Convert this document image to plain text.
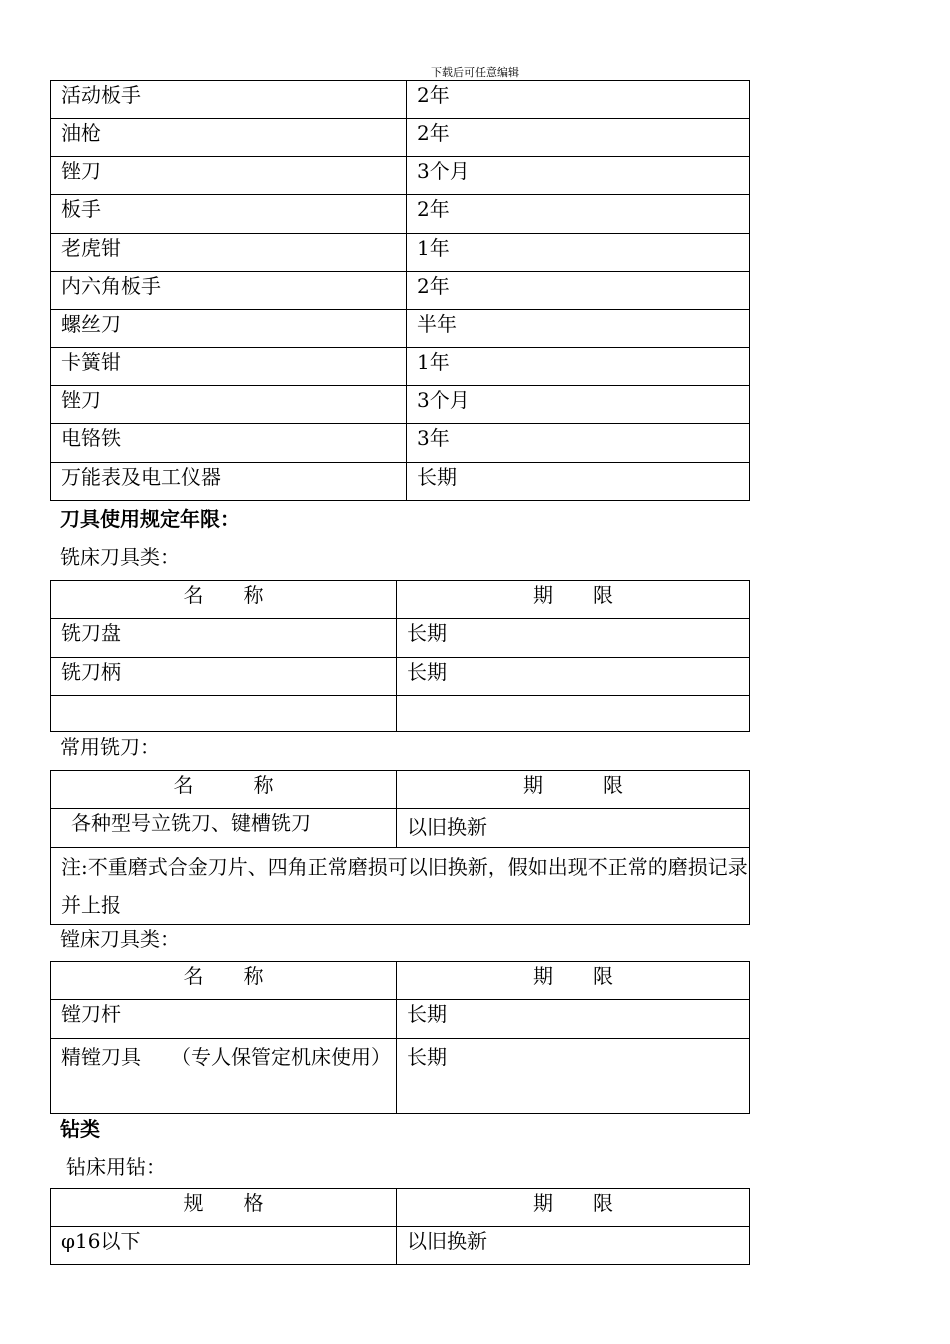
下载后可任意编辑
活动板手	2年
油枪	2年
锉刀	3个月
板手	2年
老虎钳	1年
内六角板手	2年
螺丝刀	半年
卡簧钳	1年
锉刀	3个月
电铬铁	3年
万能表及电工仪器	长期
刀具使用规定年限：
铣床刀具类：
名　　称	期　　限
铣刀盘	长期
铣刀柄	长期

常用铣刀：
名　　　称	期　　　限
各种型号立铣刀、键槽铣刀	以旧换新
注:不重磨式合金刀片、四角正常磨损可以旧换新，假如出现不正常的磨损记录并上报	
镗床刀具类：
名　　称	期　　限
镗刀杆	长期
精镗刀具　　（专人保管定机床使用）	长期
钻类
钻床用钻：
规　　格	期　　限
φ16以下	以旧换新
